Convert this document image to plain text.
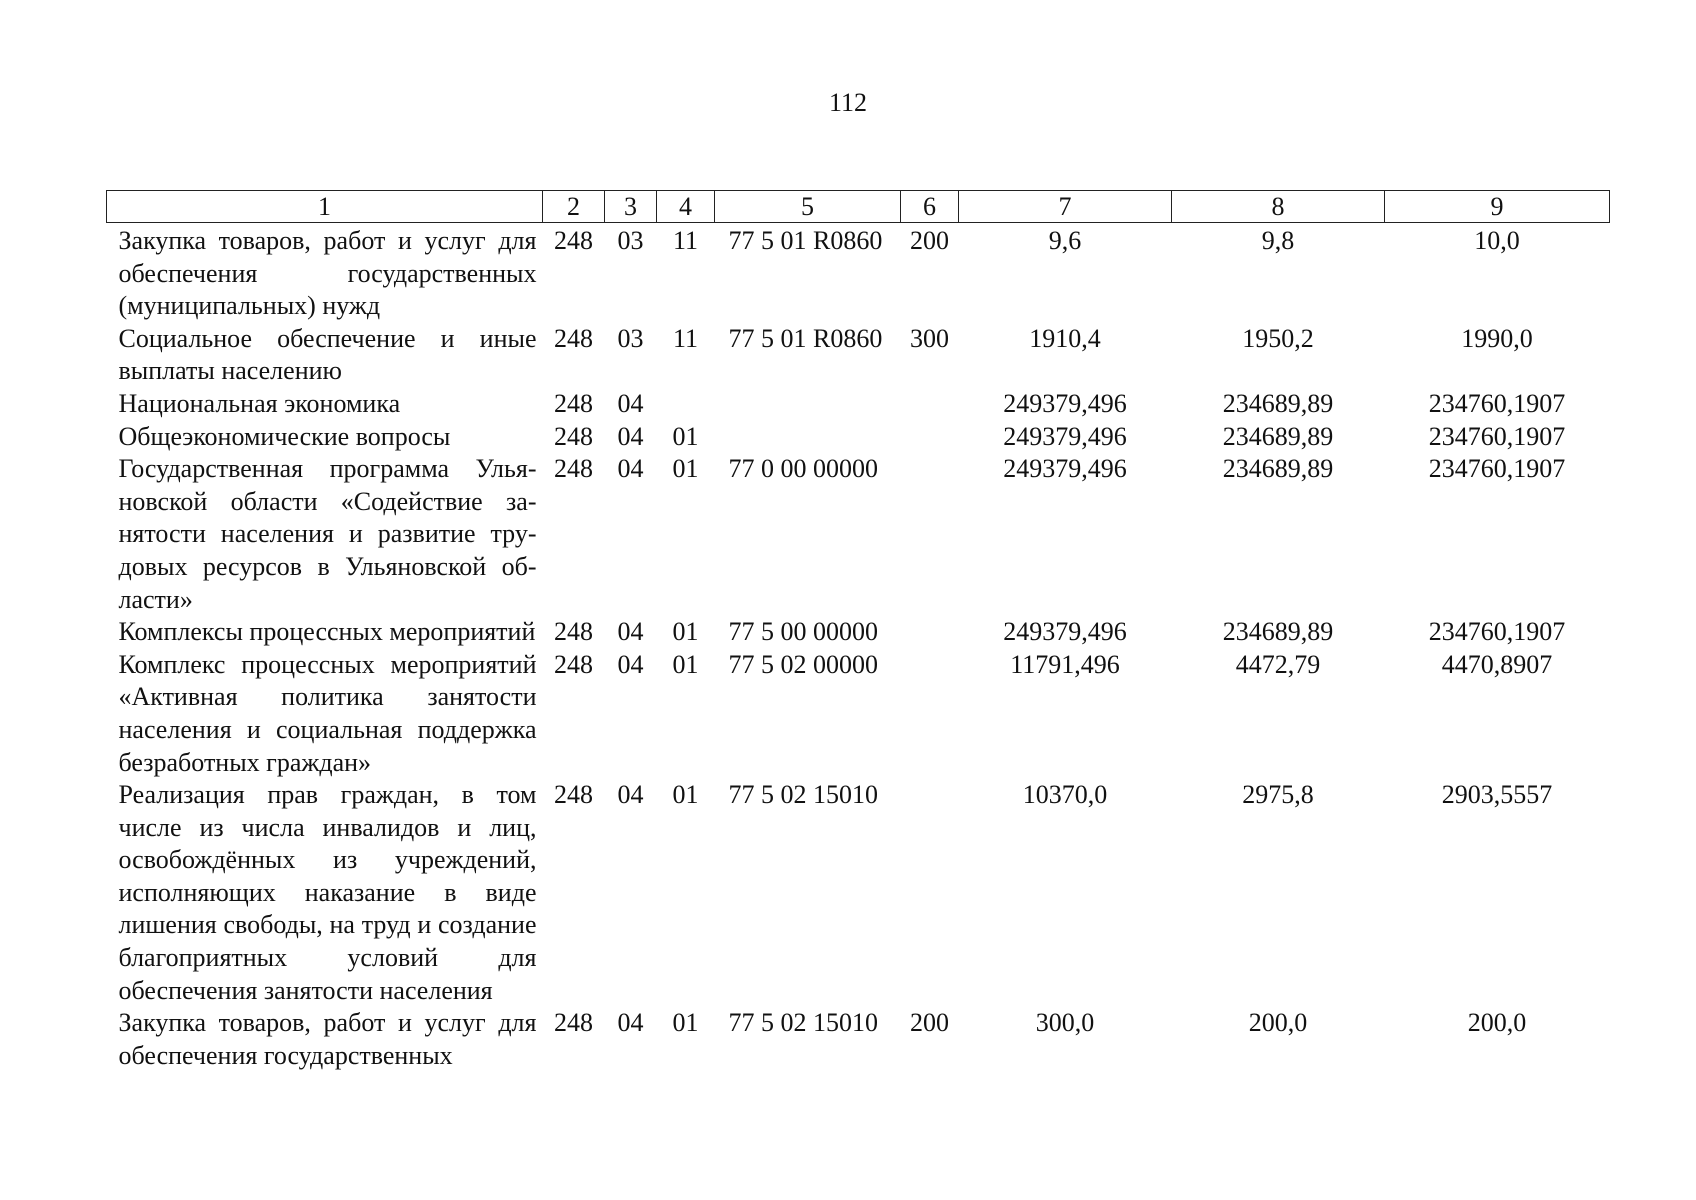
112
1	2	3	4	5	6	7	8	9
Закупка товаров, работ и услуг для обеспечения государственных (муниципальных) нужд	248	03	11	77 5 01 R0860	200	9,6	9,8	10,0
Социальное обеспечение и иные выплаты населению	248	03	11	77 5 01 R0860	300	1910,4	1950,2	1990,0
Национальная экономика	248	04				249379,496	234689,89	234760,1907
Общеэкономические вопросы	248	04	01			249379,496	234689,89	234760,1907
Государственная программа Ульяновской области «Содействие занятости населения и развитие трудовых ресурсов в Ульяновской области»	248	04	01	77 0 00 00000		249379,496	234689,89	234760,1907
Комплексы процессных мероприятий	248	04	01	77 5 00 00000		249379,496	234689,89	234760,1907
Комплекс процессных мероприятий «Активная политика занятости населения и социальная поддержка безработных граждан»	248	04	01	77 5 02 00000		11791,496	4472,79	4470,8907
Реализация прав граждан, в том числе из числа инвалидов и лиц, освобождённых из учреждений, исполняющих наказание в виде лишения свободы, на труд и создание благоприятных условий для обеспечения занятости населения	248	04	01	77 5 02 15010		10370,0	2975,8	2903,5557
Закупка товаров, работ и услуг для обеспечения государственных	248	04	01	77 5 02 15010	200	300,0	200,0	200,0
